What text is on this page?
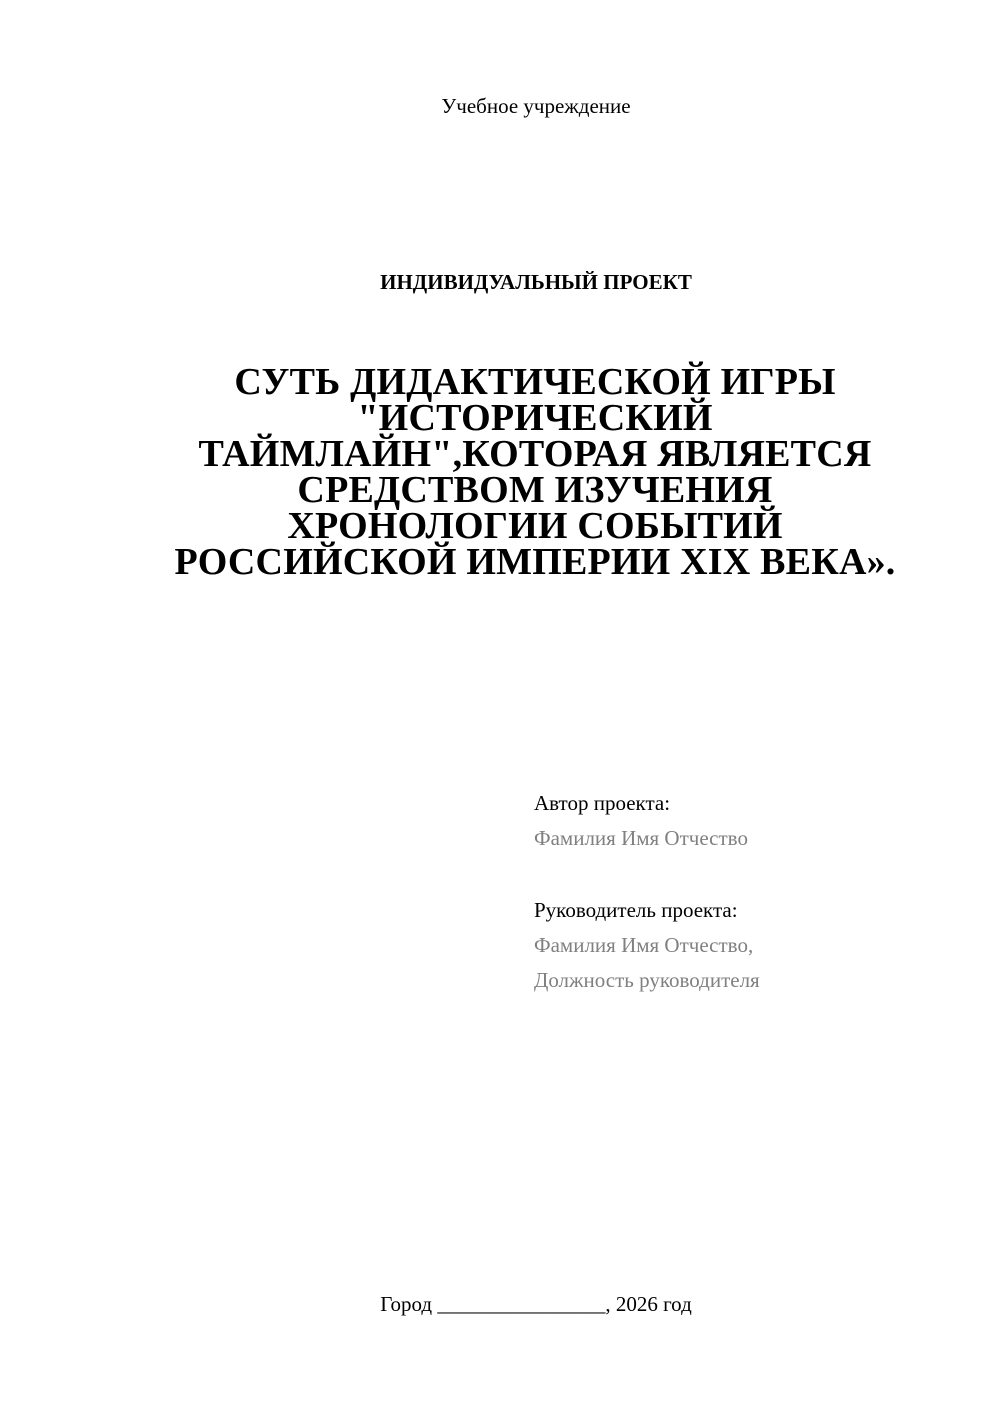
Учебное учреждение
ИНДИВИДУАЛЬНЫЙ ПРОЕКТ
СУТЬ ДИДАКТИЧЕСКОЙ ИГРЫ
"ИСТОРИЧЕСКИЙ
ТАЙМЛАЙН",КОТОРАЯ ЯВЛЯЕТСЯ
СРЕДСТВОМ ИЗУЧЕНИЯ
ХРОНОЛОГИИ СОБЫТИЙ
РОССИЙСКОЙ ИМПЕРИИ XIX ВЕКА».
Автор проекта:
Фамилия Имя Отчество
Руководитель проекта:
Фамилия Имя Отчество,
Должность руководителя
Город ________________, 2026 год
